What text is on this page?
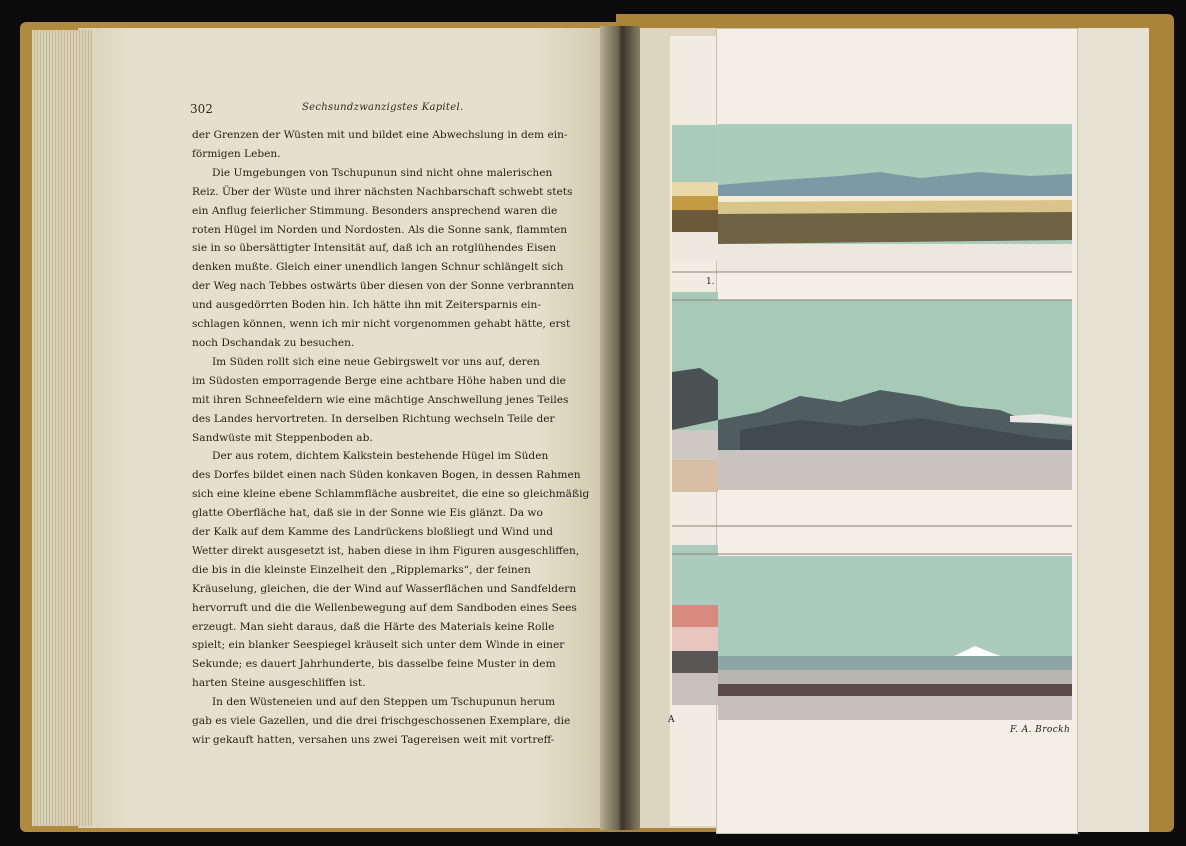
302	Sechsundzwanzigstes Kapitel.
der Grenzen der Wüsten mit und bildet eine Abwechslung in dem ein-
förmigen Leben.
Die Umgebungen von Tschupunun sind nicht ohne malerischen
Reiz. Über der Wüste und ihrer nächsten Nachbarschaft schwebt stets
ein Anflug feierlicher Stimmung. Besonders ansprechend waren die
roten Hügel im Norden und Nordosten. Als die Sonne sank, flammten
sie in so übersättigter Intensität auf, daß ich an rotglühendes Eisen
denken mußte. Gleich einer unendlich langen Schnur schlängelt sich
der Weg nach Tebbes ostwärts über diesen von der Sonne verbrannten
und ausgedörrten Boden hin. Ich hätte ihn mit Zeitersparnis ein-
schlagen können, wenn ich mir nicht vorgenommen gehabt hätte, erst
noch Dschandak zu besuchen.
Im Süden rollt sich eine neue Gebirgswelt vor uns auf, deren
im Südosten emporragende Berge eine achtbare Höhe haben und die
mit ihren Schneefeldern wie eine mächtige Anschwellung jenes Teiles
des Landes hervortreten. In derselben Richtung wechseln Teile der
Sandwüste mit Steppenboden ab.
Der aus rotem, dichtem Kalkstein bestehende Hügel im Süden
des Dorfes bildet einen nach Süden konkaven Bogen, in dessen Rahmen
sich eine kleine ebene Schlammfläche ausbreitet, die eine so gleichmäßig
glatte Oberfläche hat, daß sie in der Sonne wie Eis glänzt. Da wo
der Kalk auf dem Kamme des Landrückens bloßliegt und Wind und
Wetter direkt ausgesetzt ist, haben diese in ihm Figuren ausgeschliffen,
die bis in die kleinste Einzelheit den „Ripplemarks“, der feinen
Kräuselung, gleichen, die der Wind auf Wasserflächen und Sandfeldern
hervorruft und die die Wellenbewegung auf dem Sandboden eines Sees
erzeugt. Man sieht daraus, daß die Härte des Materials keine Rolle
spielt; ein blanker Seespiegel kräuselt sich unter dem Winde in einer
Sekunde; es dauert Jahrhunderte, bis dasselbe feine Muster in dem
harten Steine ausgeschliffen ist.
In den Wüsteneien und auf den Steppen um Tschupunun herum
gab es viele Gazellen, und die drei frischgeschossenen Exemplare, die
wir gekauft hatten, versahen uns zwei Tagereisen weit mit vortreff-
1.
F. A. Brockh
A
